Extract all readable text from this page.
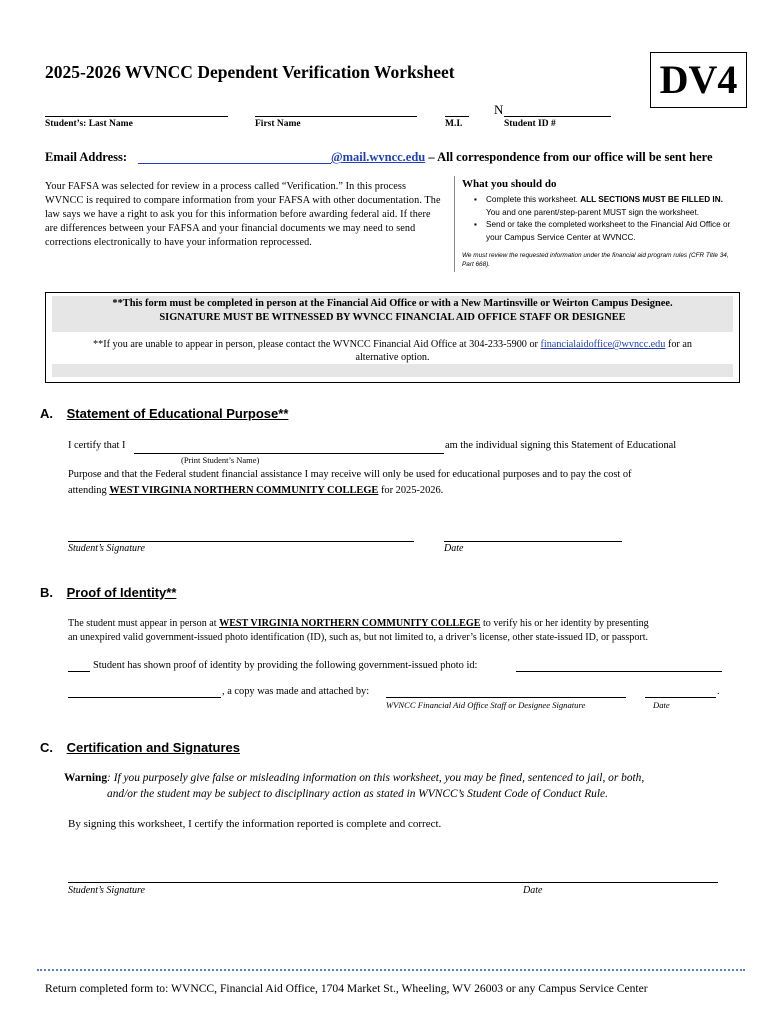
2025-2026 WVNCC Dependent Verification Worksheet	DV4
N
Student’s: Last Name	First Name	M.I.	Student ID #
Email Address:	@mail.wvncc.edu – All correspondence from our office will be sent here
Your FAFSA was selected for review in a process called “Verification.” In this process WVNCC is required to compare information from your FAFSA with other documentation. The law says we have a right to ask you for this information before awarding federal aid. If there are differences between your FAFSA and your financial documents we may need to send corrections electronically to have your information reprocessed.
What you should do
▪ Complete this worksheet. ALL SECTIONS MUST BE FILLED IN.
You and one parent/step-parent MUST sign the worksheet.
▪ Send or take the completed worksheet to the Financial Aid Office or your Campus Service Center at WVNCC.
We must review the requested information under the financial aid program rules (CFR Title 34, Part 668).
**This form must be completed in person at the Financial Aid Office or with a New Martinsville or Weirton Campus Designee.
SIGNATURE MUST BE WITNESSED BY WVNCC FINANCIAL AID OFFICE STAFF OR DESIGNEE
**If you are unable to appear in person, please contact the WVNCC Financial Aid Office at 304-233-5900 or financialaidoffice@wvncc.edu for an
alternative option.
A. Statement of Educational Purpose**
I certify that I	am the individual signing this Statement of Educational
(Print Student’s Name)
Purpose and that the Federal student financial assistance I may receive will only be used for educational purposes and to pay the cost of
attending WEST VIRGINIA NORTHERN COMMUNITY COLLEGE for 2025-2026.
Student’s Signature	Date
B. Proof of Identity**
The student must appear in person at WEST VIRGINIA NORTHERN COMMUNITY COLLEGE to verify his or her identity by presenting
an unexpired valid government-issued photo identification (ID), such as, but not limited to, a driver’s license, other state-issued ID, or passport.
Student has shown proof of identity by providing the following government-issued photo id:
, a copy was made and attached by:	.
WVNCC Financial Aid Office Staff or Designee Signature	Date
C. Certification and Signatures
Warning: If you purposely give false or misleading information on this worksheet, you may be fined, sentenced to jail, or both,
and/or the student may be subject to disciplinary action as stated in WVNCC’s Student Code of Conduct Rule.
By signing this worksheet, I certify the information reported is complete and correct.
Student’s Signature	Date
Return completed form to: WVNCC, Financial Aid Office, 1704 Market St., Wheeling, WV 26003 or any Campus Service Center
